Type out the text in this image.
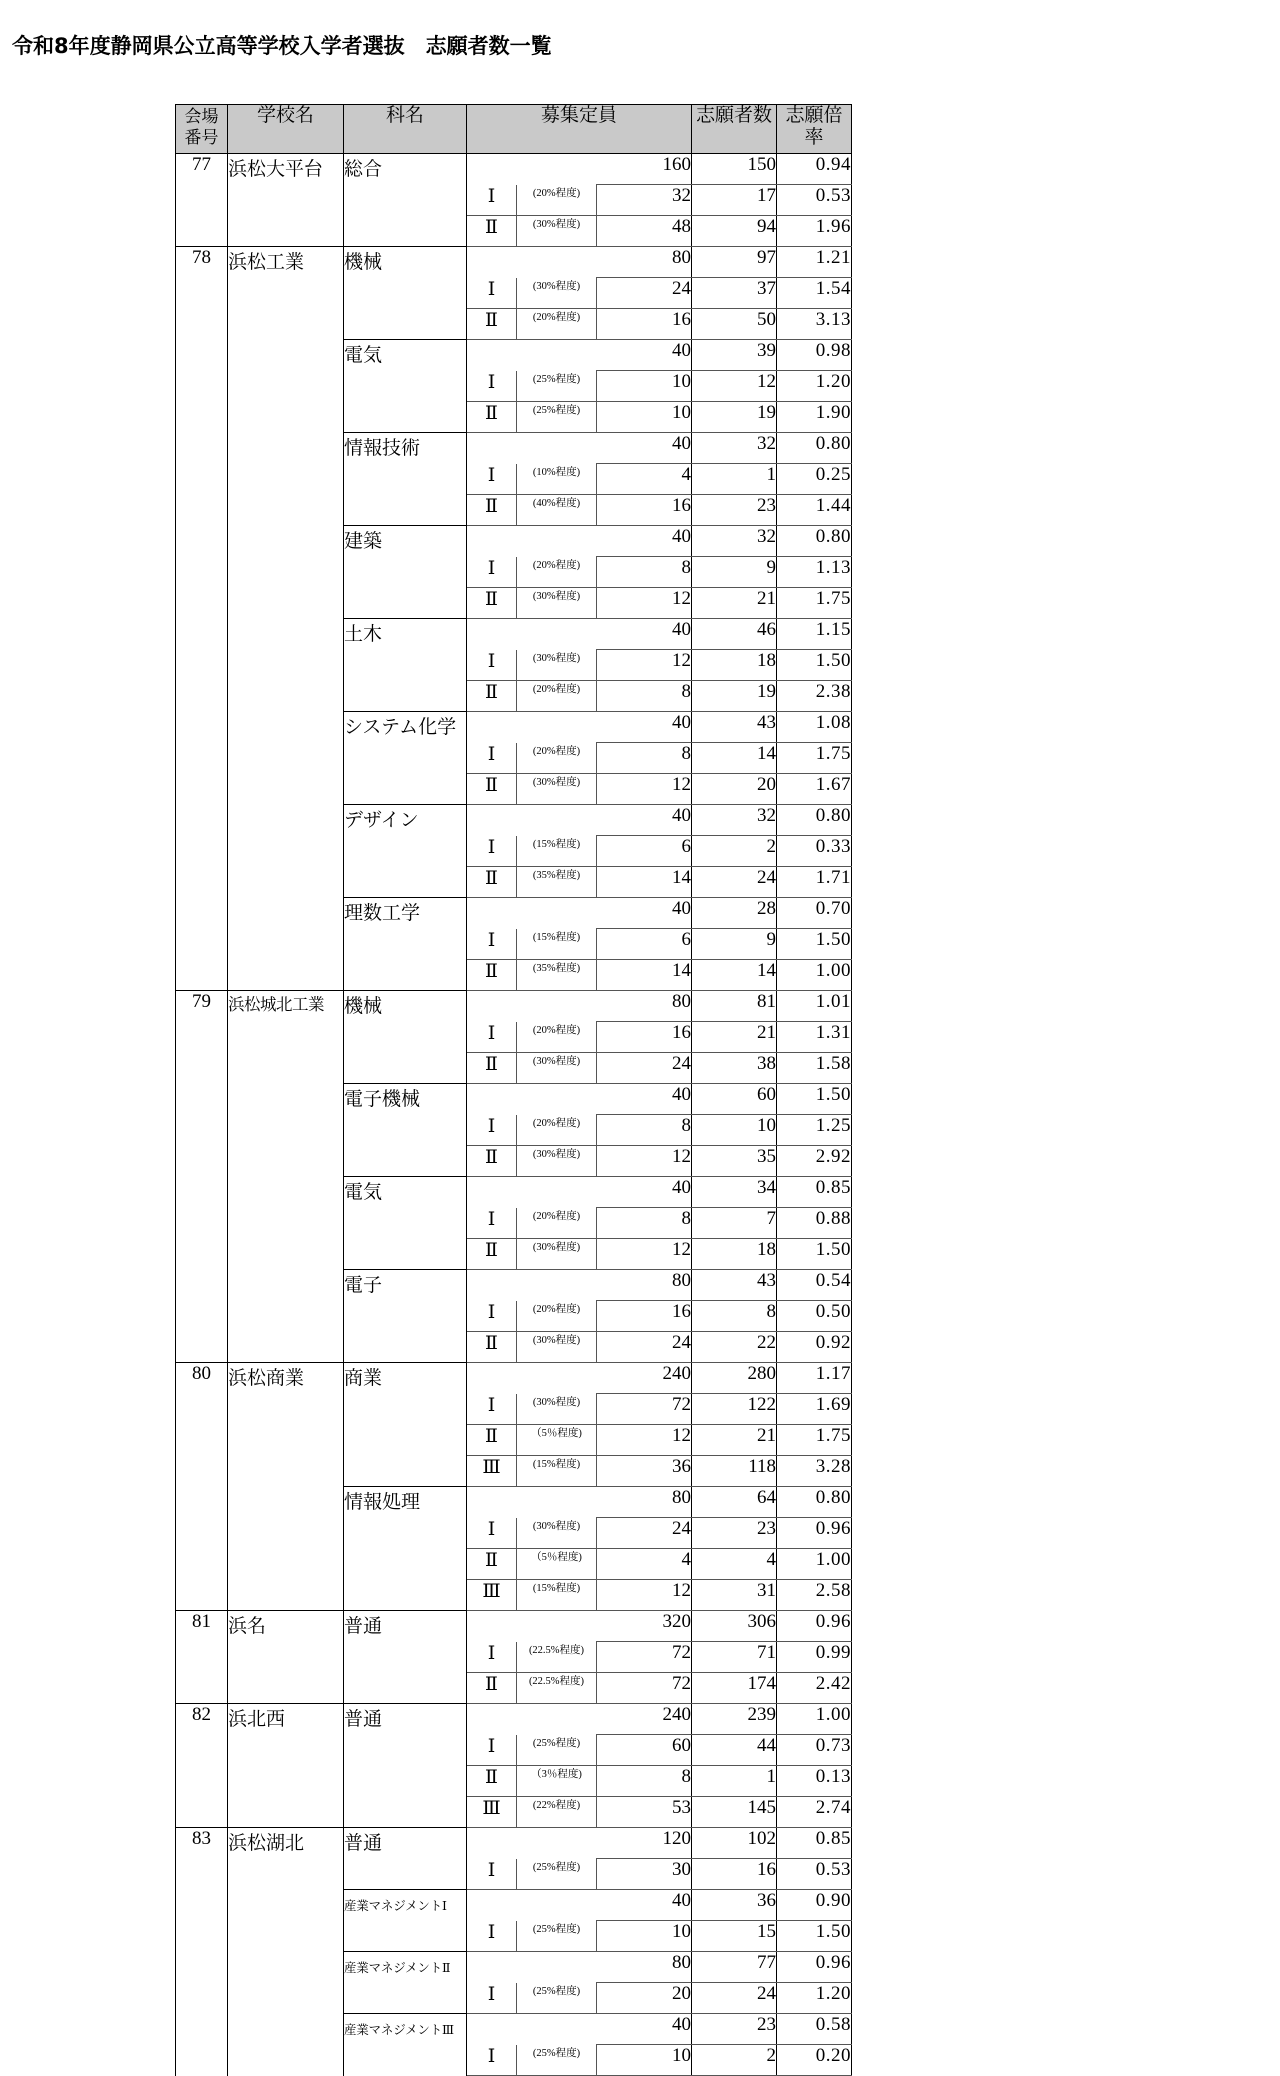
令和8年度静岡県公立高等学校入学者選抜　志願者数一覧
会場
番号	学校名	科名	募集定員			志願者数	志願倍率
77	浜松大平台	総合			160	150	0.94
			Ⅰ	(20%程度)	32	17	0.53
			Ⅱ	(30%程度)	48	94	1.96
78	浜松工業	機械			80	97	1.21
			Ⅰ	(30%程度)	24	37	1.54
			Ⅱ	(20%程度)	16	50	3.13
		電気			40	39	0.98
			Ⅰ	(25%程度)	10	12	1.20
			Ⅱ	(25%程度)	10	19	1.90
		情報技術			40	32	0.80
			Ⅰ	(10%程度)	4	1	0.25
			Ⅱ	(40%程度)	16	23	1.44
		建築			40	32	0.80
			Ⅰ	(20%程度)	8	9	1.13
			Ⅱ	(30%程度)	12	21	1.75
		土木			40	46	1.15
			Ⅰ	(30%程度)	12	18	1.50
			Ⅱ	(20%程度)	8	19	2.38
		システム化学			40	43	1.08
			Ⅰ	(20%程度)	8	14	1.75
			Ⅱ	(30%程度)	12	20	1.67
		デザイン			40	32	0.80
			Ⅰ	(15%程度)	6	2	0.33
			Ⅱ	(35%程度)	14	24	1.71
		理数工学			40	28	0.70
			Ⅰ	(15%程度)	6	9	1.50
			Ⅱ	(35%程度)	14	14	1.00
79	浜松城北工業	機械			80	81	1.01
			Ⅰ	(20%程度)	16	21	1.31
			Ⅱ	(30%程度)	24	38	1.58
		電子機械			40	60	1.50
			Ⅰ	(20%程度)	8	10	1.25
			Ⅱ	(30%程度)	12	35	2.92
		電気			40	34	0.85
			Ⅰ	(20%程度)	8	7	0.88
			Ⅱ	(30%程度)	12	18	1.50
		電子			80	43	0.54
			Ⅰ	(20%程度)	16	8	0.50
			Ⅱ	(30%程度)	24	22	0.92
80	浜松商業	商業			240	280	1.17
			Ⅰ	(30%程度)	72	122	1.69
			Ⅱ	（5％程度)	12	21	1.75
			Ⅲ	(15%程度)	36	118	3.28
		情報処理			80	64	0.80
			Ⅰ	(30%程度)	24	23	0.96
			Ⅱ	（5％程度)	4	4	1.00
			Ⅲ	(15%程度)	12	31	2.58
81	浜名	普通			320	306	0.96
			Ⅰ	(22.5%程度)	72	71	0.99
			Ⅱ	(22.5%程度)	72	174	2.42
82	浜北西	普通			240	239	1.00
			Ⅰ	(25%程度)	60	44	0.73
			Ⅱ	（3％程度)	8	1	0.13
			Ⅲ	(22%程度)	53	145	2.74
83	浜松湖北	普通			120	102	0.85
			Ⅰ	(25%程度)	30	16	0.53
		産業マネジメントⅠ			40	36	0.90
			Ⅰ	(25%程度)	10	15	1.50
		産業マネジメントⅡ			80	77	0.96
			Ⅰ	(25%程度)	20	24	1.20
		産業マネジメントⅢ			40	23	0.58
			Ⅰ	(25%程度)	10	2	0.20
